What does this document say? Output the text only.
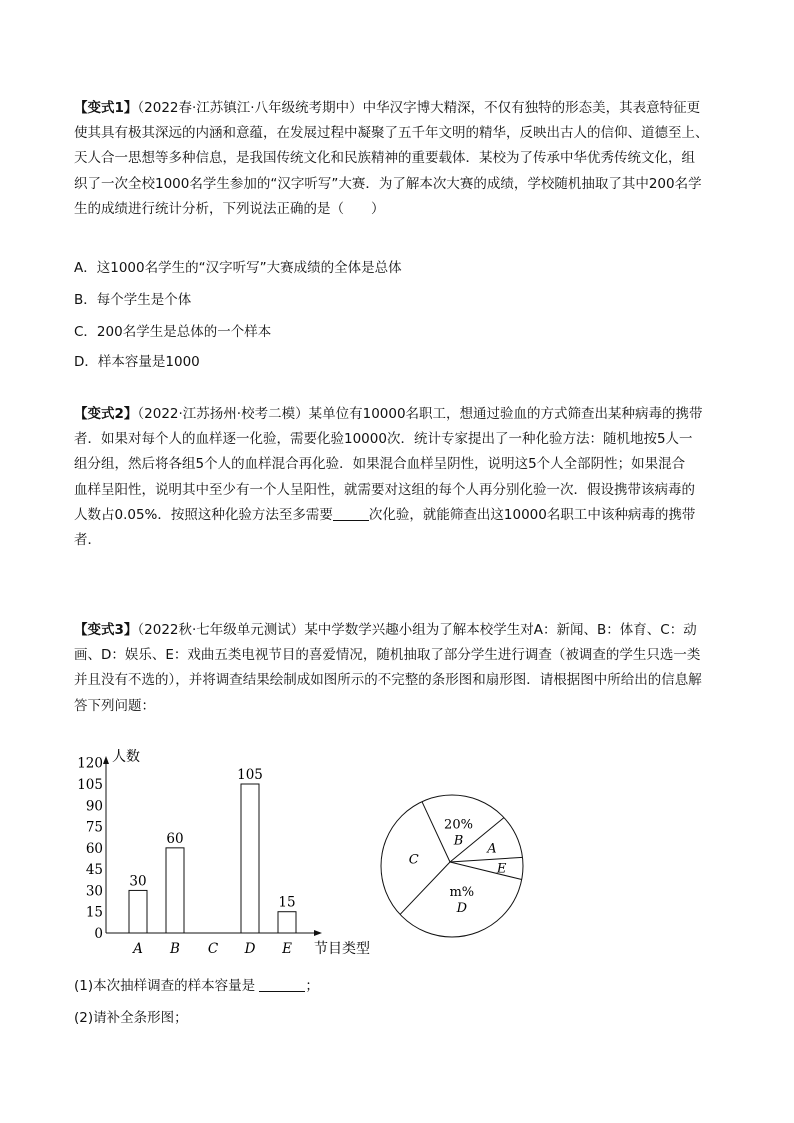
【变式1】（2022春·江苏镇江·八年级统考期中）中华汉字博大精深，不仅有独特的形态美，其表意特征更
使其具有极其深远的内涵和意蕴，在发展过程中凝聚了五千年文明的精华，反映出古人的信仰、道德至上、
天人合一思想等多种信息，是我国传统文化和民族精神的重要载体．某校为了传承中华优秀传统文化，组
织了一次全校1000名学生参加的“汉字听写”大赛．为了解本次大赛的成绩，学校随机抽取了其中200名学
生的成绩进行统计分析，下列说法正确的是（　　）

A．这1000名学生的“汉字听写”大赛成绩的全体是总体

B．每个学生是个体

C．200名学生是总体的一个样本

D．样本容量是1000

【变式2】（2022·江苏扬州·校考二模）某单位有10000名职工，想通过验血的方式筛查出某种病毒的携带
者．如果对每个人的血样逐一化验，需要化验10000次．统计专家提出了一种化验方法：随机地按5人一
组分组，然后将各组5个人的血样混合再化验．如果混合血样呈阴性，说明这5个人全部阴性；如果混合
血样呈阳性，说明其中至少有一个人呈阳性，就需要对这组的每个人再分别化验一次．假设携带该病毒的
人数占0.05%．按照这种化验方法至多需要	次化验，就能筛查出这10000名职工中该种病毒的携带
者．
【变式3】（2022秋·七年级单元测试）某中学数学兴趣小组为了解本校学生对A：新闻、B：体育、C：动
画、D：娱乐、E：戏曲五类电视节目的喜爱情况，随机抽取了部分学生进行调查（被调查的学生只选一类
并且没有不选的），并将调查结果绘制成如图所示的不完整的条形图和扇形图．请根据图中所给出的信息解
答下列问题：
人数
节目类型
0
15
30
45
60
75
90
105
120
A
30
B
60
C D
105
E
15
20%
B
A
E
m%
D
C

(1)本次抽样调查的样本容量是	；

(2)请补全条形图；
